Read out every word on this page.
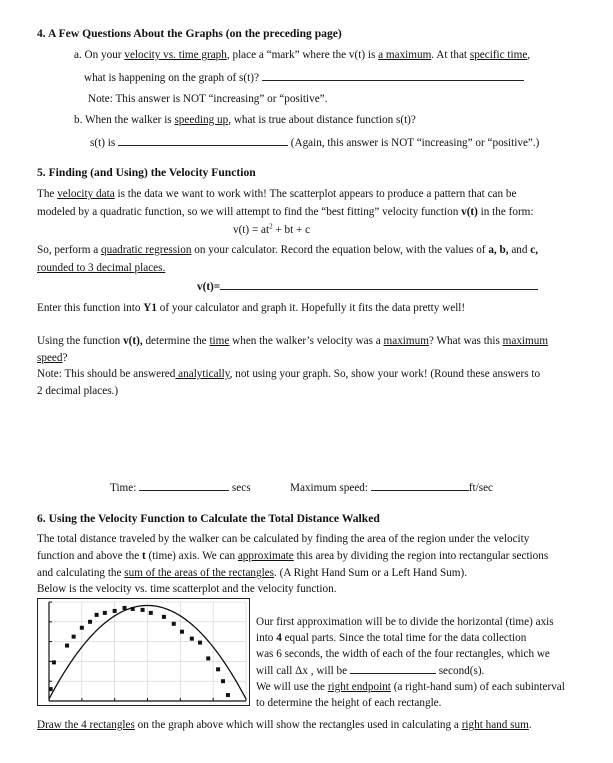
4. A Few Questions About the Graphs (on the preceding page)
a. On your velocity vs. time graph, place a “mark” where the v(t) is a maximum. At that specific time,
what is happening on the graph of s(t)?
Note: This answer is NOT “increasing” or “positive”.
b. When the walker is speeding up, what is true about distance function s(t)?
s(t) is	(Again, this answer is NOT “increasing” or “positive”.)
5. Finding (and Using) the Velocity Function
The velocity data is the data we want to work with! The scatterplot appears to produce a pattern that can be
modeled by a quadratic function, so we will attempt to find the “best fitting” velocity function v(t) in the form:
$v(t) = at^2$ + bt + c
So, perform a quadratic regression on your calculator. Record the equation below, with the values of a, b, and c,
rounded to 3 decimal places.
v(t)=
Enter this function into Y1 of your calculator and graph it. Hopefully it fits the data pretty well!
Using the function v(t), determine the time when the walker’s velocity was a maximum? What was this maximum
speed?
Note: This should be answered analytically, not using your graph. So, show your work! (Round these answers to
2 decimal places.)
Time:	secs	Maximum speed:	ft/sec
6. Using the Velocity Function to Calculate the Total Distance Walked
The total distance traveled by the walker can be calculated by finding the area of the region under the velocity
function and above the t (time) axis. We can approximate this area by dividing the region into rectangular sections
and calculating the sum of the areas of the rectangles. (A Right Hand Sum or a Left Hand Sum).
Below is the velocity vs. time scatterplot and the velocity function.
Our first approximation will be to divide the horizontal (time) axis
into 4 equal parts. Since the total time for the data collection
was 6 seconds, the width of each of the four rectangles, which we
will call Δx , will be	second(s).
We will use the right endpoint (a right-hand sum) of each subinterval
to determine the height of each rectangle.
Draw the 4 rectangles on the graph above which will show the rectangles used in calculating a right hand sum.
